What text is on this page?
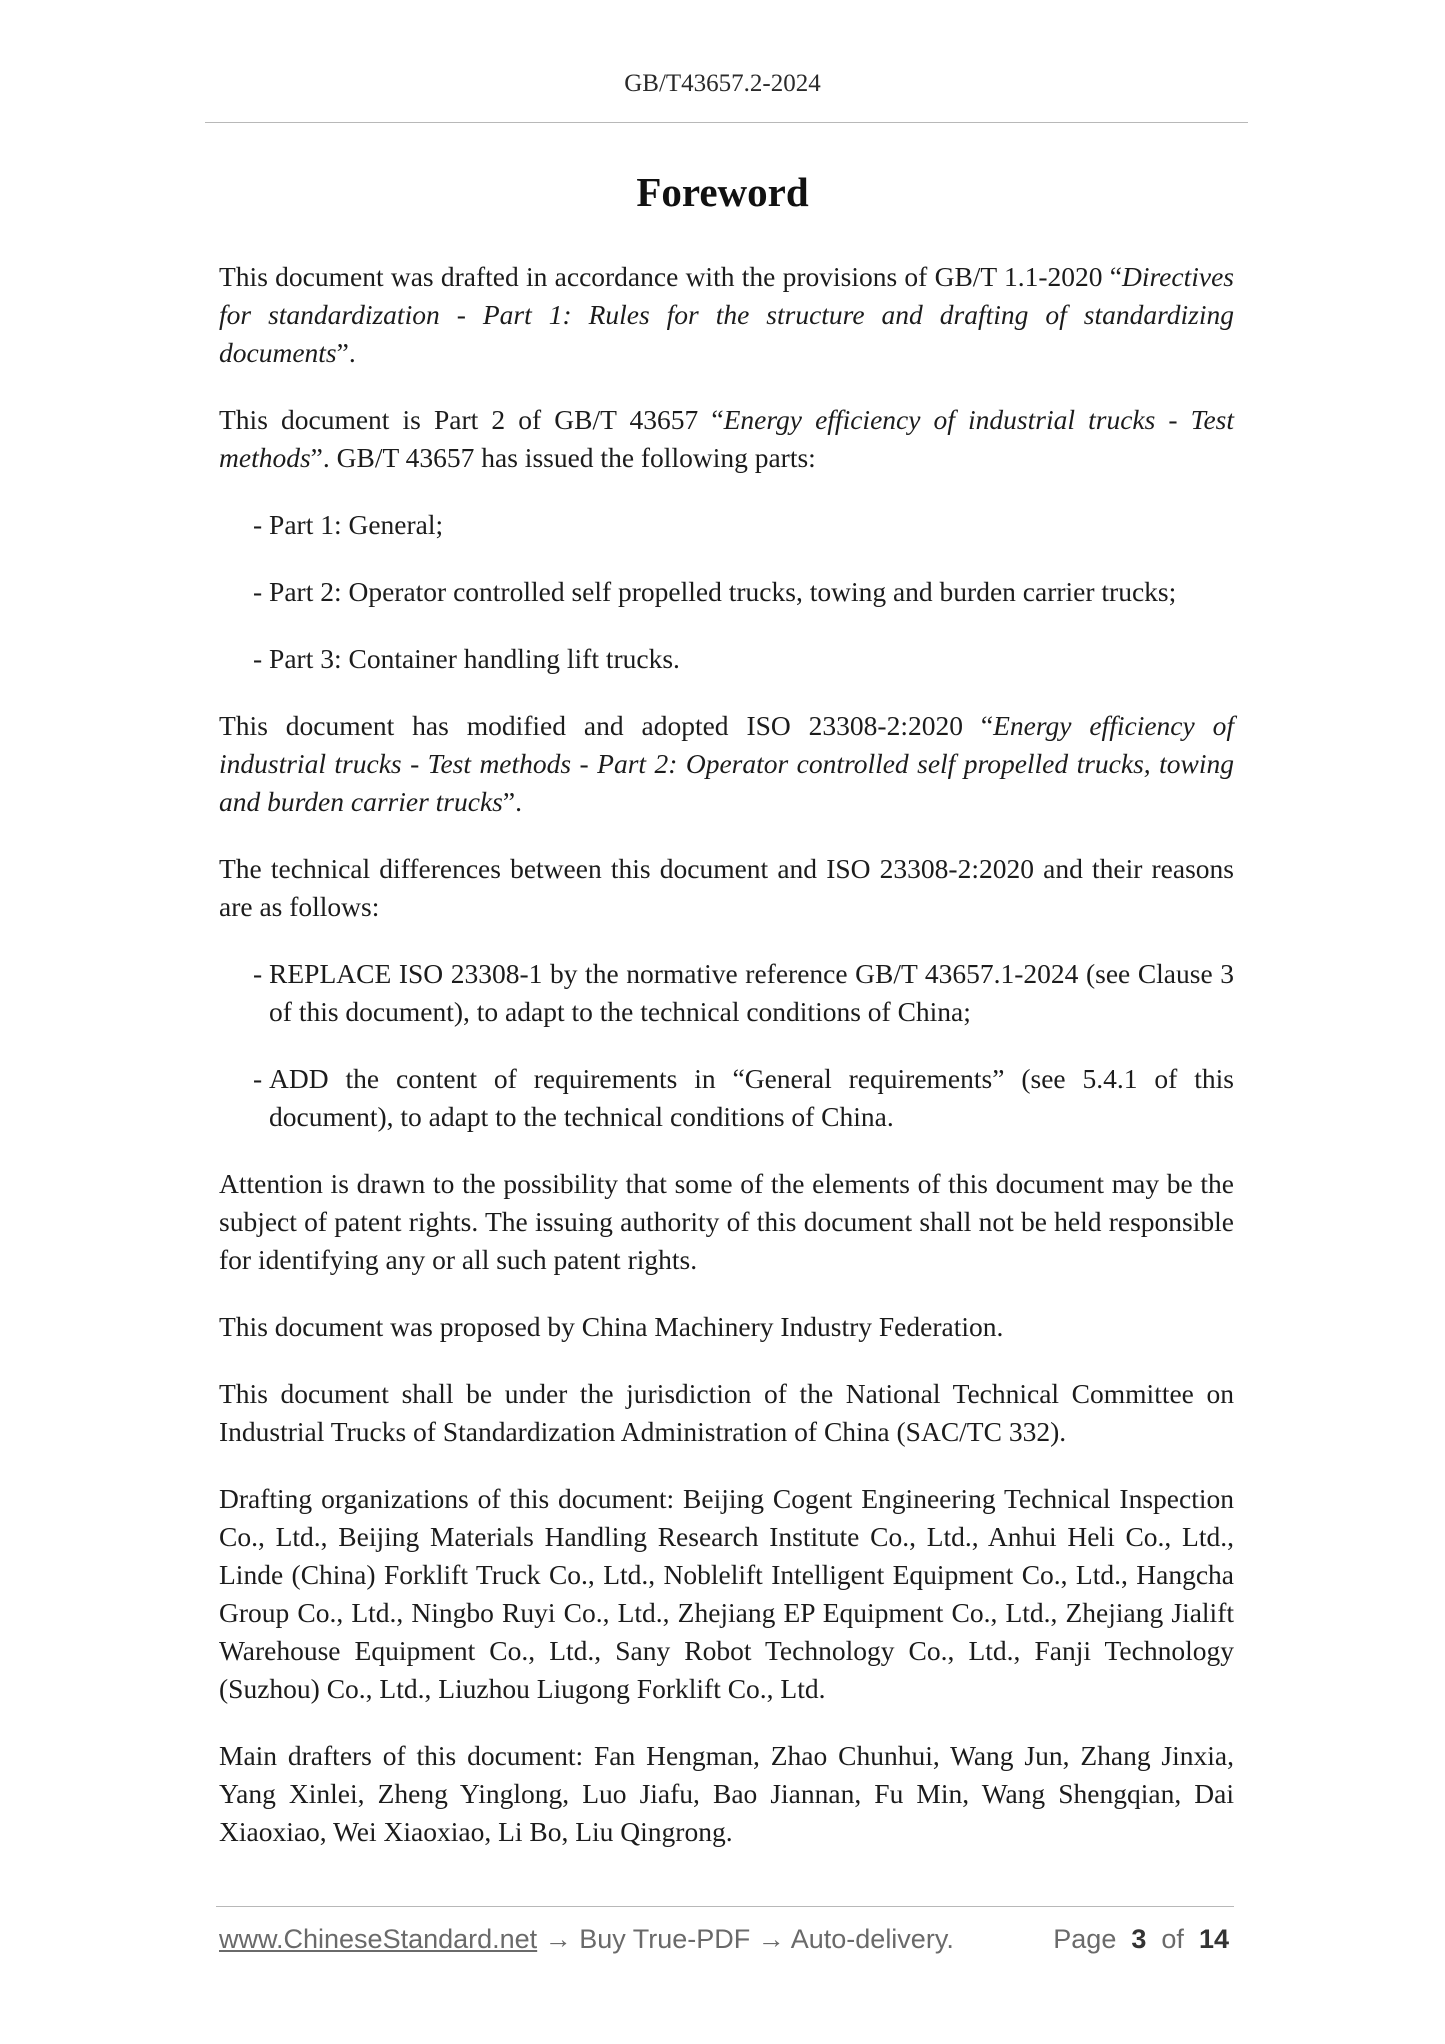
GB/T43657.2-2024
Foreword

This document was drafted in accordance with the provisions of GB/T 1.1-2020 “Directives for standardization - Part 1: Rules for the structure and drafting of standardizing documents”.

This document is Part 2 of GB/T 43657 “Energy efficiency of industrial trucks - Test methods”. GB/T 43657 has issued the following parts:

- Part 1: General;
- Part 2: Operator controlled self propelled trucks, towing and burden carrier trucks;
- Part 3: Container handling lift trucks.

This document has modified and adopted ISO 23308-2:2020 “Energy efficiency of industrial trucks - Test methods - Part 2: Operator controlled self propelled trucks, towing and burden carrier trucks”.

The technical differences between this document and ISO 23308-2:2020 and their reasons are as follows:

- REPLACE ISO 23308-1 by the normative reference GB/T 43657.1-2024 (see Clause 3 of this document), to adapt to the technical conditions of China;
- ADD the content of requirements in “General requirements” (see 5.4.1 of this document), to adapt to the technical conditions of China.

Attention is drawn to the possibility that some of the elements of this document may be the subject of patent rights. The issuing authority of this document shall not be held responsible for identifying any or all such patent rights.

This document was proposed by China Machinery Industry Federation.

This document shall be under the jurisdiction of the National Technical Committee on Industrial Trucks of Standardization Administration of China (SAC/TC 332).

Drafting organizations of this document: Beijing Cogent Engineering Technical Inspection Co., Ltd., Beijing Materials Handling Research Institute Co., Ltd., Anhui Heli Co., Ltd., Linde (China) Forklift Truck Co., Ltd., Noblelift Intelligent Equipment Co., Ltd., Hangcha Group Co., Ltd., Ningbo Ruyi Co., Ltd., Zhejiang EP Equipment Co., Ltd., Zhejiang Jialift Warehouse Equipment Co., Ltd., Sany Robot Technology Co., Ltd., Fanji Technology (Suzhou) Co., Ltd., Liuzhou Liugong Forklift Co., Ltd.

Main drafters of this document: Fan Hengman, Zhao Chunhui, Wang Jun, Zhang Jinxia, Yang Xinlei, Zheng Yinglong, Luo Jiafu, Bao Jiannan, Fu Min, Wang Shengqian, Dai Xiaoxiao, Wei Xiaoxiao, Li Bo, Liu Qingrong.

www.ChineseStandard.net → Buy True-PDF → Auto-delivery.	Page 3 of 14
